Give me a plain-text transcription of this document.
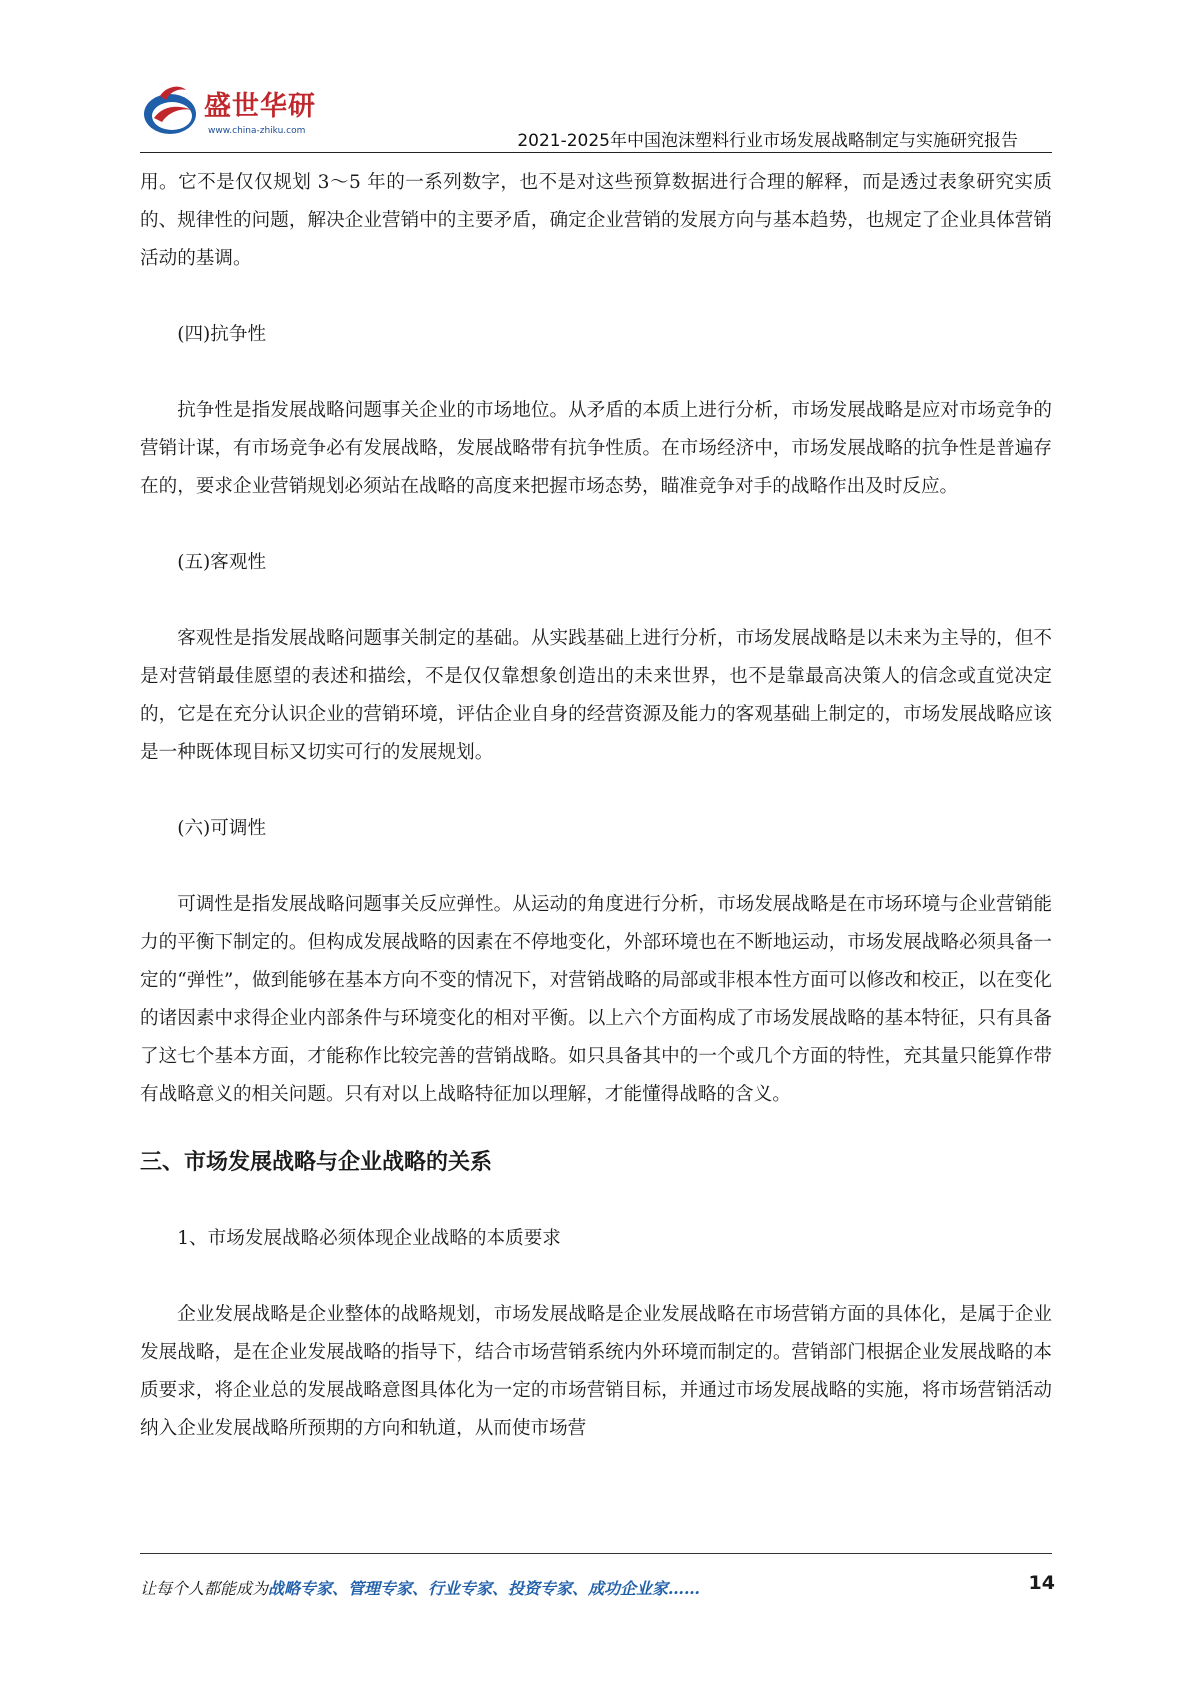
盛世华研
www.china-zhiku.com	2021-2025年中国泡沫塑料行业市场发展战略制定与实施研究报告

用。它不是仅仅规划 3～5 年的一系列数字，也不是对这些预算数据进行合理的解释，而是透过表象研究实质的、规律性的问题，解决企业营销中的主要矛盾，确定企业营销的发展方向与基本趋势，也规定了企业具体营销活动的基调。

(四)抗争性

抗争性是指发展战略问题事关企业的市场地位。从矛盾的本质上进行分析，市场发展战略是应对市场竞争的营销计谋，有市场竞争必有发展战略，发展战略带有抗争性质。在市场经济中，市场发展战略的抗争性是普遍存在的，要求企业营销规划必须站在战略的高度来把握市场态势，瞄准竞争对手的战略作出及时反应。

(五)客观性

客观性是指发展战略问题事关制定的基础。从实践基础上进行分析，市场发展战略是以未来为主导的，但不是对营销最佳愿望的表述和描绘，不是仅仅靠想象创造出的未来世界，也不是靠最高决策人的信念或直觉决定的，它是在充分认识企业的营销环境，评估企业自身的经营资源及能力的客观基础上制定的，市场发展战略应该是一种既体现目标又切实可行的发展规划。

(六)可调性

可调性是指发展战略问题事关反应弹性。从运动的角度进行分析，市场发展战略是在市场环境与企业营销能力的平衡下制定的。但构成发展战略的因素在不停地变化，外部环境也在不断地运动，市场发展战略必须具备一定的“弹性”，做到能够在基本方向不变的情况下，对营销战略的局部或非根本性方面可以修改和校正，以在变化的诸因素中求得企业内部条件与环境变化的相对平衡。以上六个方面构成了市场发展战略的基本特征，只有具备了这七个基本方面，才能称作比较完善的营销战略。如只具备其中的一个或几个方面的特性，充其量只能算作带有战略意义的相关问题。只有对以上战略特征加以理解，才能懂得战略的含义。

三、市场发展战略与企业战略的关系

1、市场发展战略必须体现企业战略的本质要求

企业发展战略是企业整体的战略规划，市场发展战略是企业发展战略在市场营销方面的具体化，是属于企业发展战略，是在企业发展战略的指导下，结合市场营销系统内外环境而制定的。营销部门根据企业发展战略的本质要求，将企业总的发展战略意图具体化为一定的市场营销目标，并通过市场发展战略的实施，将市场营销活动纳入企业发展战略所预期的方向和轨道，从而使市场营

让每个人都能成为战略专家、管理专家、行业专家、投资专家、成功企业家……	14
